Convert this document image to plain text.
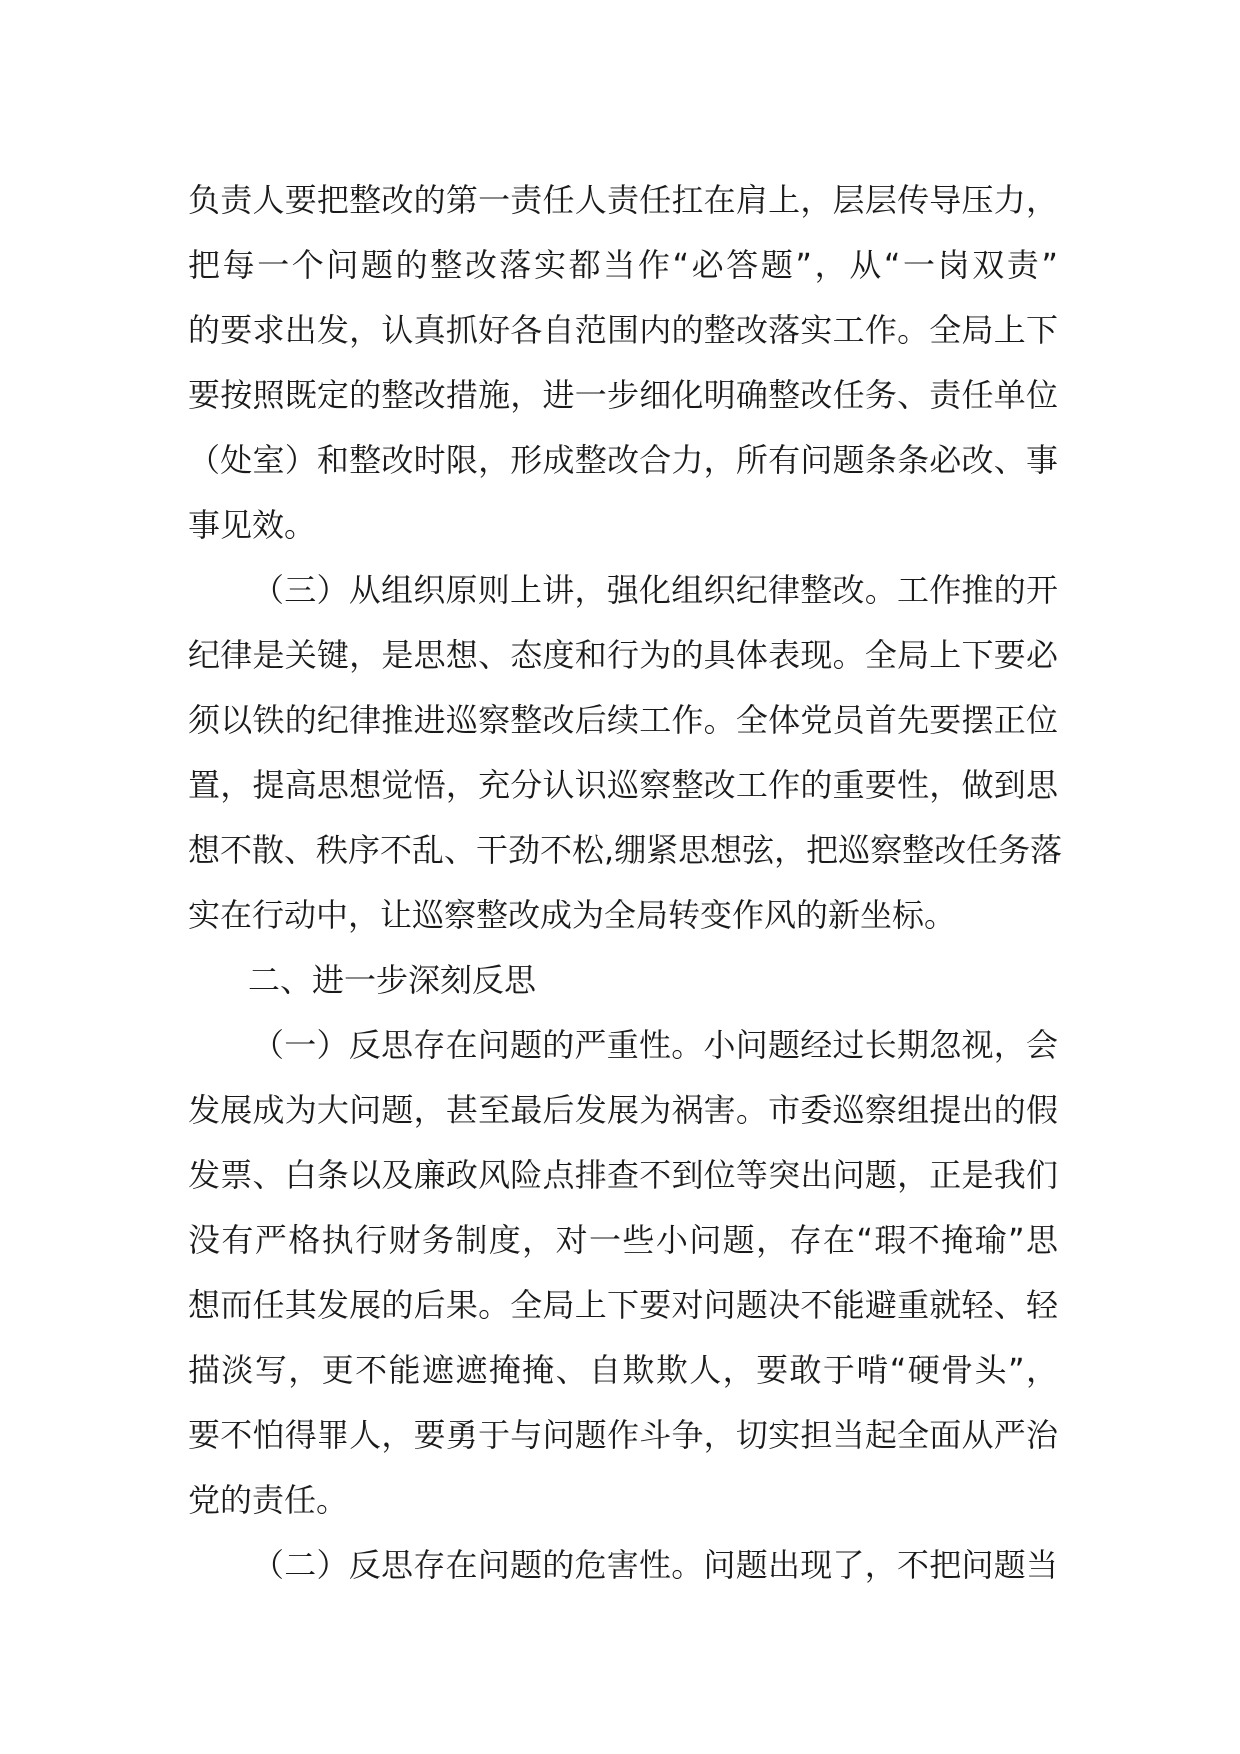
负责人要把整改的第一责任人责任扛在肩上，层层传导压力，
把每一个问题的整改落实都当作“必答题”，从“一岗双责”
的要求出发，认真抓好各自范围内的整改落实工作。全局上下
要按照既定的整改措施，进一步细化明确整改任务、责任单位
（处室）和整改时限，形成整改合力，所有问题条条必改、事
事见效。
（三）从组织原则上讲，强化组织纪律整改。工作推的开
纪律是关键，是思想、态度和行为的具体表现。全局上下要必
须以铁的纪律推进巡察整改后续工作。全体党员首先要摆正位
置，提高思想觉悟，充分认识巡察整改工作的重要性，做到思
想不散、秩序不乱、干劲不松,绷紧思想弦，把巡察整改任务落
实在行动中，让巡察整改成为全局转变作风的新坐标。
二、进一步深刻反思
（一）反思存在问题的严重性。小问题经过长期忽视，会
发展成为大问题，甚至最后发展为祸害。市委巡察组提出的假
发票、白条以及廉政风险点排查不到位等突出问题，正是我们
没有严格执行财务制度，对一些小问题，存在“瑕不掩瑜”思
想而任其发展的后果。全局上下要对问题决不能避重就轻、轻
描淡写，更不能遮遮掩掩、自欺欺人，要敢于啃“硬骨头”，
要不怕得罪人，要勇于与问题作斗争，切实担当起全面从严治
党的责任。
（二）反思存在问题的危害性。问题出现了，不把问题当
